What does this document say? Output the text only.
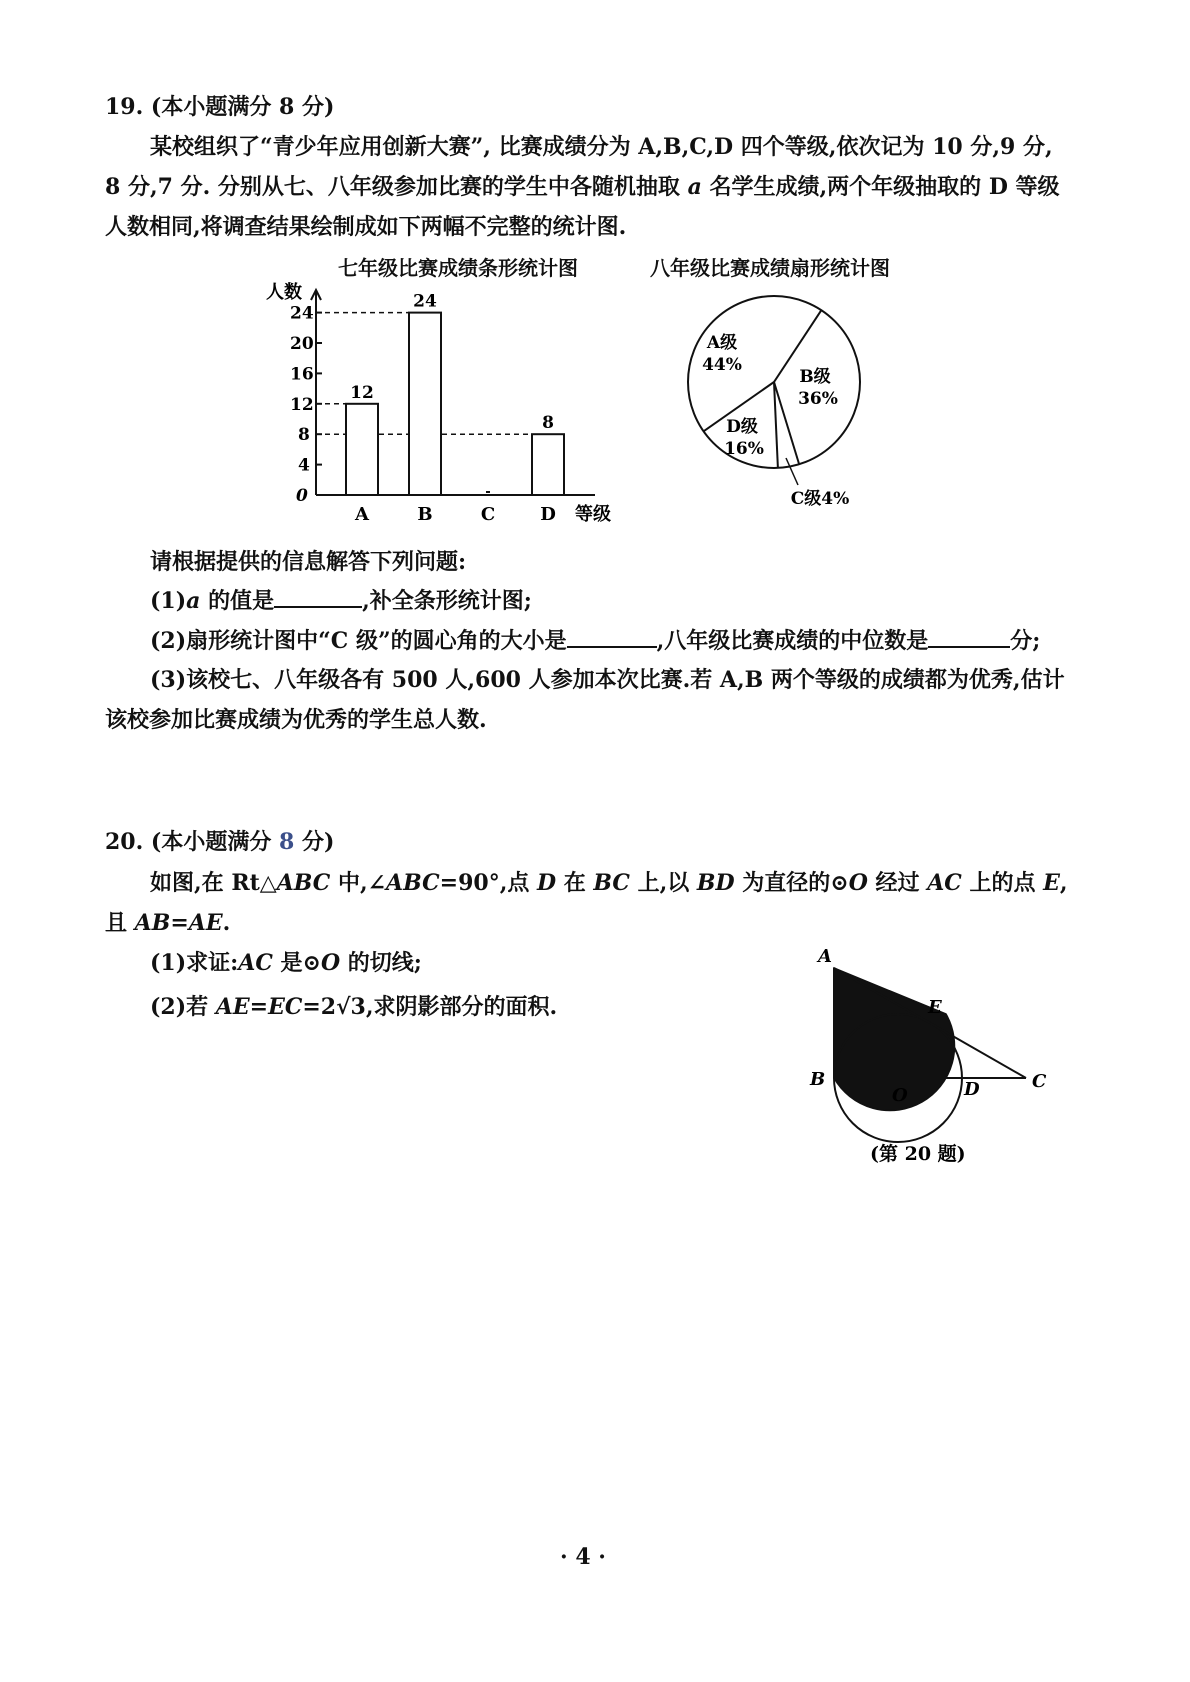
19. (本小题满分 8 分)
某校组织了“青少年应用创新大赛”, 比赛成绩分为 A,B,C,D 四个等级,依次记为 10 分,9 分,
8 分,7 分. 分别从七、八年级参加比赛的学生中各随机抽取 a 名学生成绩,两个年级抽取的 D 等级
人数相同,将调查结果绘制成如下两幅不完整的统计图.
七年级比赛成绩条形统计图
人数
等级
0
4
8
12
16
20
24
12
A
24
B	C
8
D
八年级比赛成绩扇形统计图
A级
44%
B级
36%
D级
16%
C级4%
请根据提供的信息解答下列问题:
(1)a 的值是	,补全条形统计图;
(2)扇形统计图中“C 级”的圆心角的大小是	,八年级比赛成绩的中位数是	分;
(3)该校七、八年级各有 500 人,600 人参加本次比赛.若 A,B 两个等级的成绩都为优秀,估计
该校参加比赛成绩为优秀的学生总人数.
20. (本小题满分 8 分)
如图,在 Rt△ABC 中,∠ABC=90°,点 D 在 BC 上,以 BD 为直径的⊙O 经过 AC 上的点 E,
且 AB=AE.
(1)求证:AC 是⊙O 的切线;
(2)若 AE=EC=2√3,求阴影部分的面积.
A
B	C
D
E
O
(第 20 题)
· 4 ·
